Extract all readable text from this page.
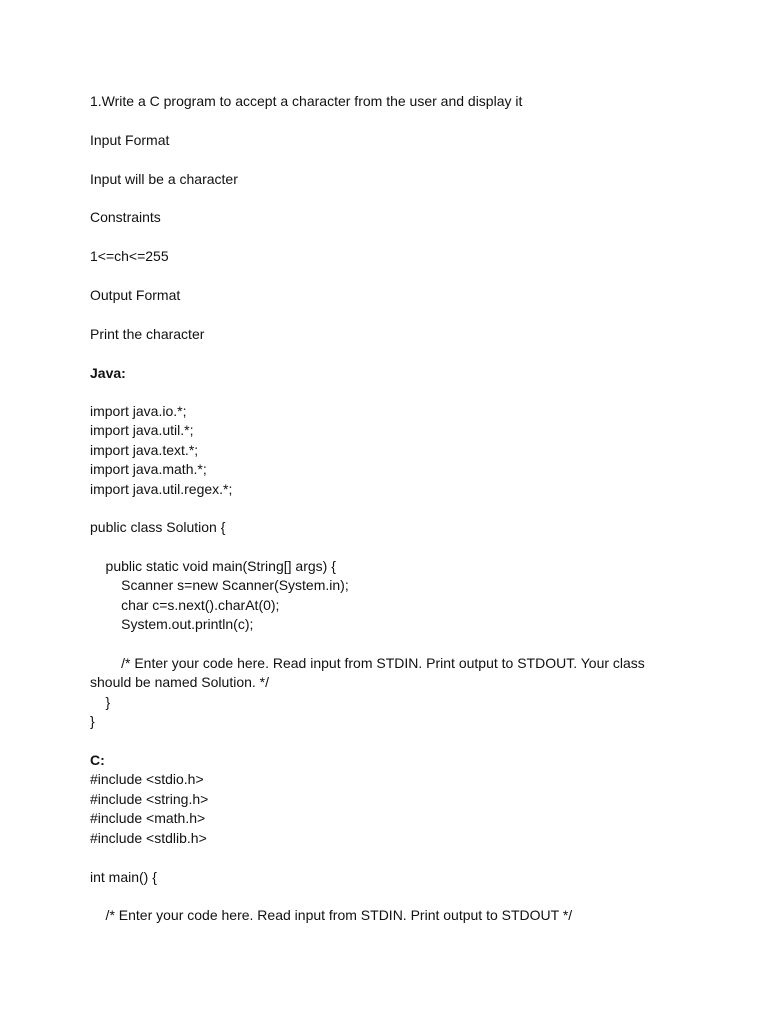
1.Write a C program to accept a character from the user and display it
Input Format
Input will be a character
Constraints
1<=ch<=255
Output Format
Print the character
Java:
import java.io.*;
import java.util.*;
import java.text.*;
import java.math.*;
import java.util.regex.*;
public class Solution {
public static void main(String[] args) {
Scanner s=new Scanner(System.in);
char c=s.next().charAt(0);
System.out.println(c);
/* Enter your code here. Read input from STDIN. Print output to STDOUT. Your class
should be named Solution. */
}
}
C:
#include <stdio.h>
#include <string.h>
#include <math.h>
#include <stdlib.h>
int main() {
/* Enter your code here. Read input from STDIN. Print output to STDOUT */
